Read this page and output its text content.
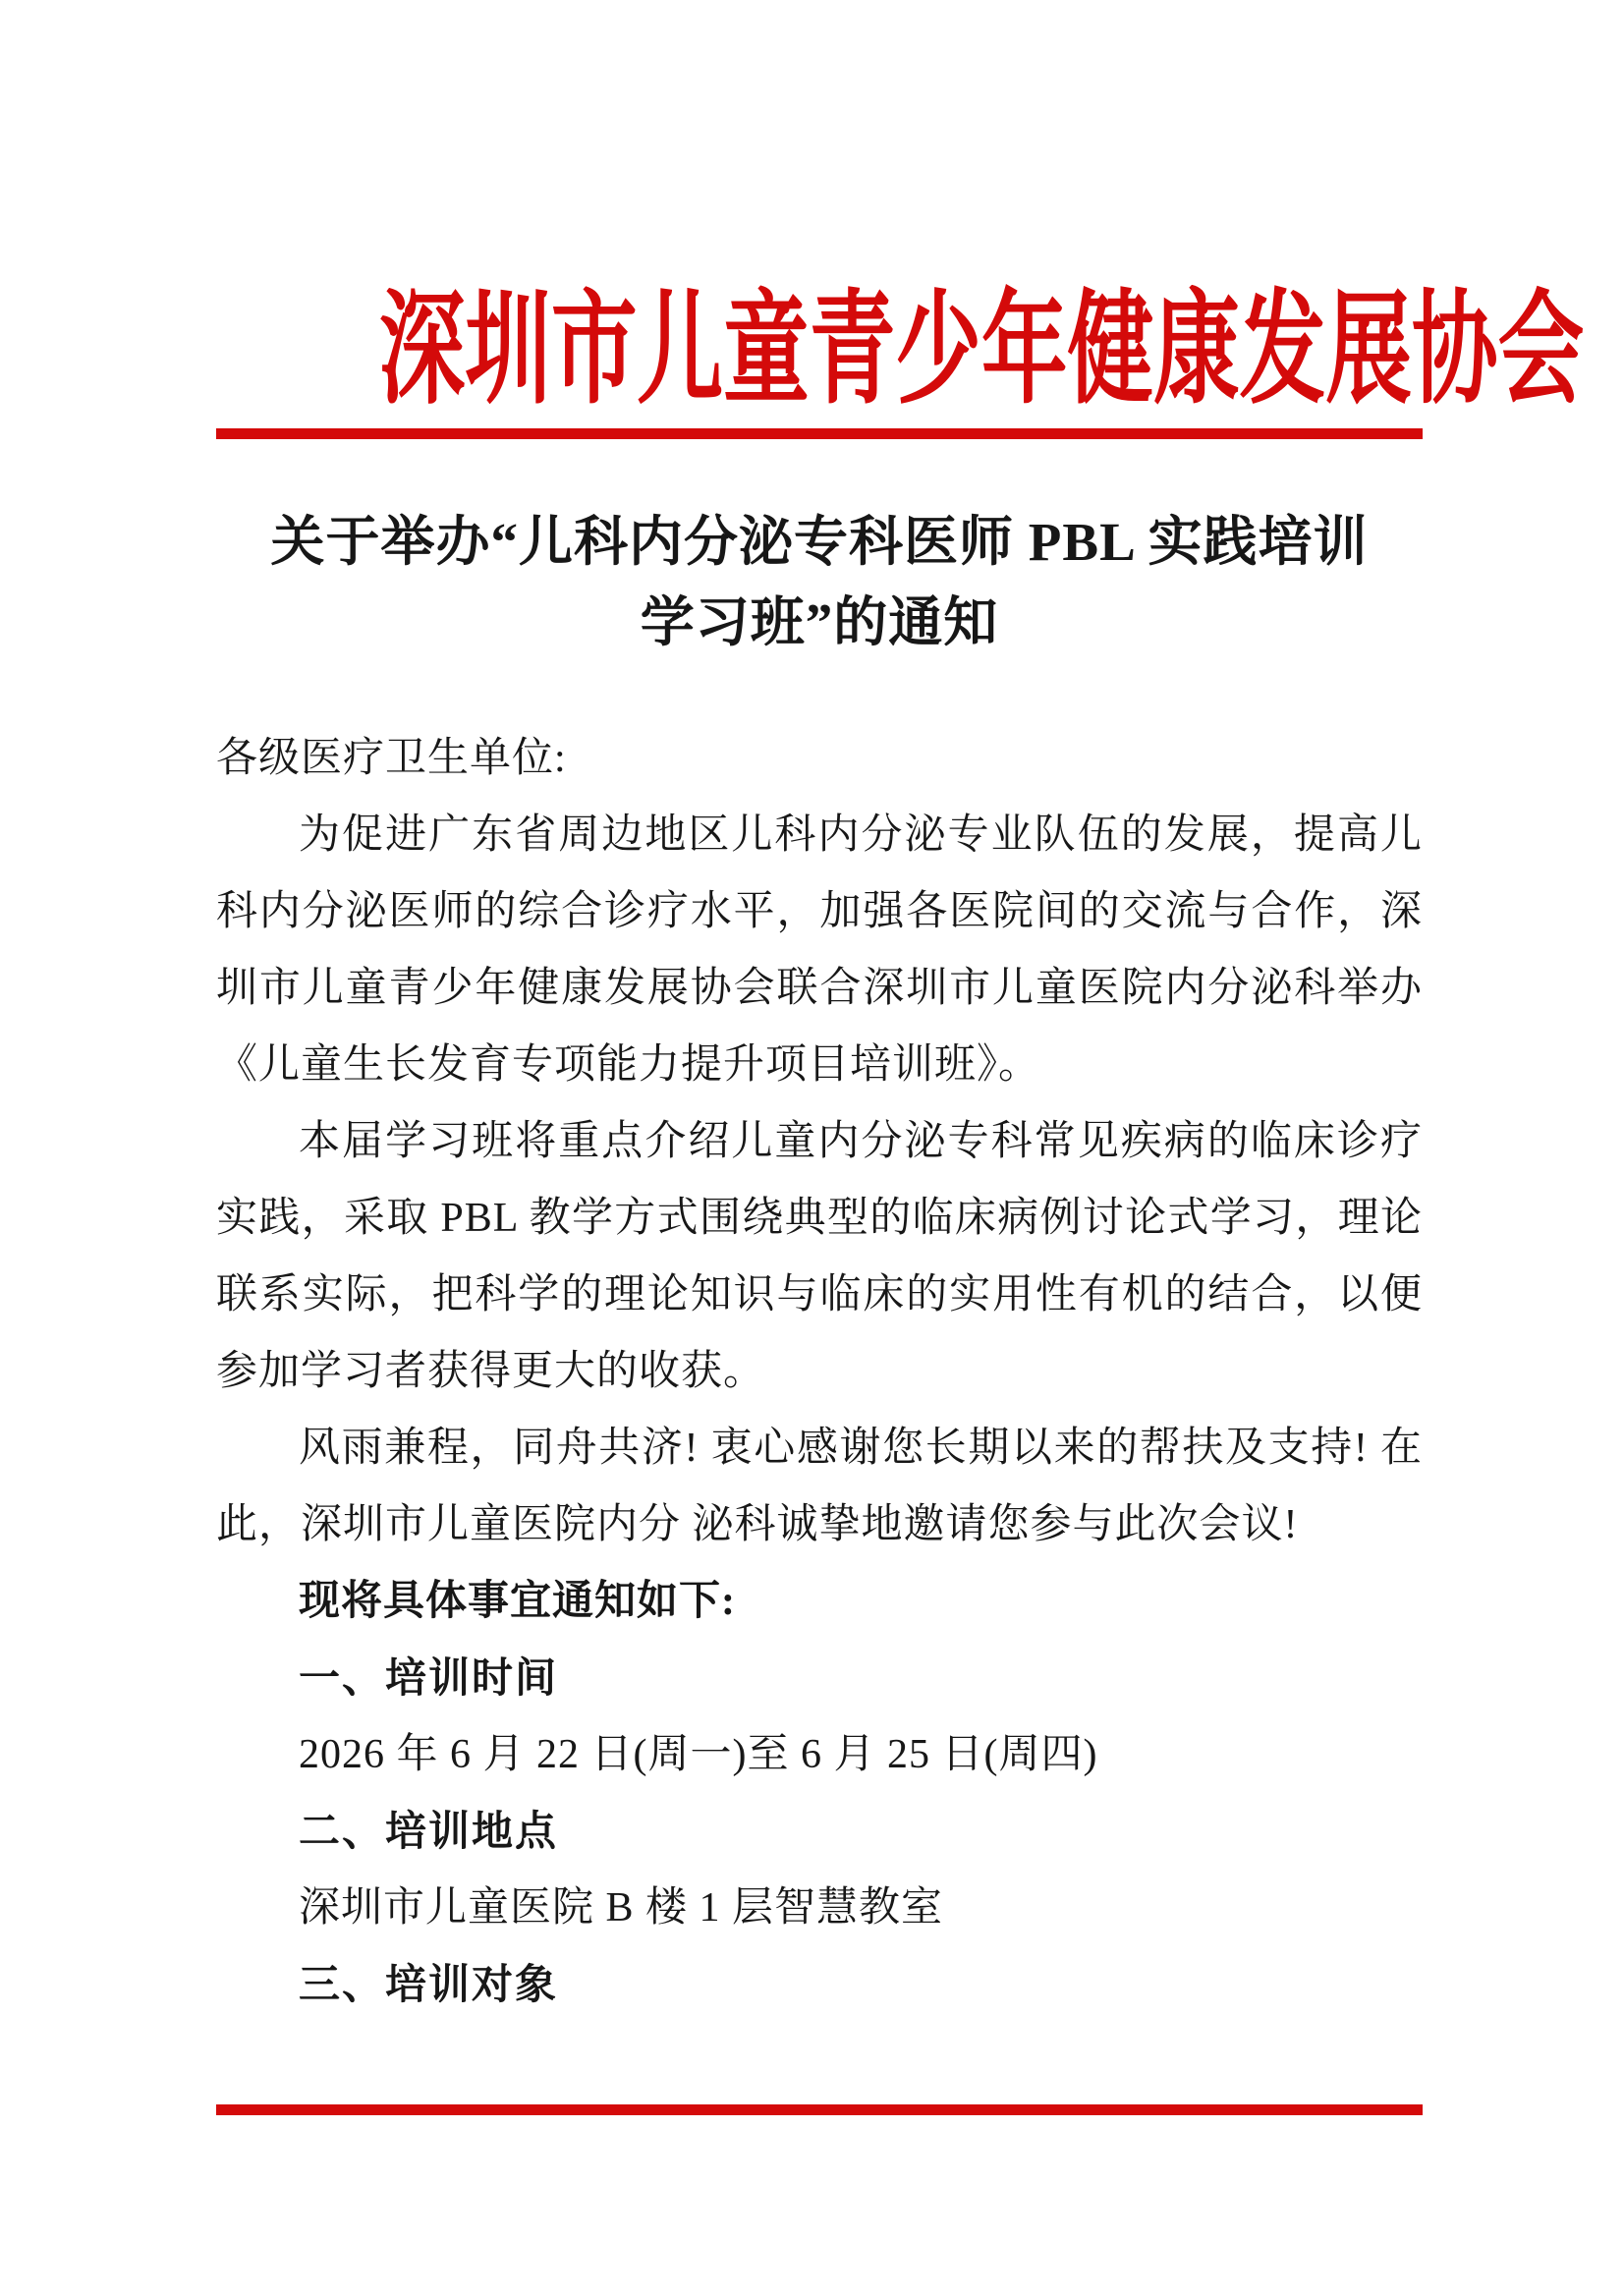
深圳市儿童青少年健康发展协会
关于举办“儿科内分泌专科医师 PBL 实践培训
学习班”的通知

各级医疗卫生单位:

为促进广东省周边地区儿科内分泌专业队伍的发展，提高儿科内分泌医师的综合诊疗水平，加强各医院间的交流与合作，深圳市儿童青少年健康发展协会联合深圳市儿童医院内分泌科举办《儿童生长发育专项能力提升项目培训班》。

本届学习班将重点介绍儿童内分泌专科常见疾病的临床诊疗实践，采取 PBL 教学方式围绕典型的临床病例讨论式学习，理论联系实际，把科学的理论知识与临床的实用性有机的结合，以便参加学习者获得更大的收获。

风雨兼程，同舟共济! 衷心感谢您长期以来的帮扶及支持! 在此，深圳市儿童医院内分 泌科诚挚地邀请您参与此次会议!

现将具体事宜通知如下:

一、培训时间

2026 年 6 月 22 日(周一)至 6 月 25 日(周四)

二、培训地点

深圳市儿童医院 B 楼 1 层智慧教室

三、培训对象
